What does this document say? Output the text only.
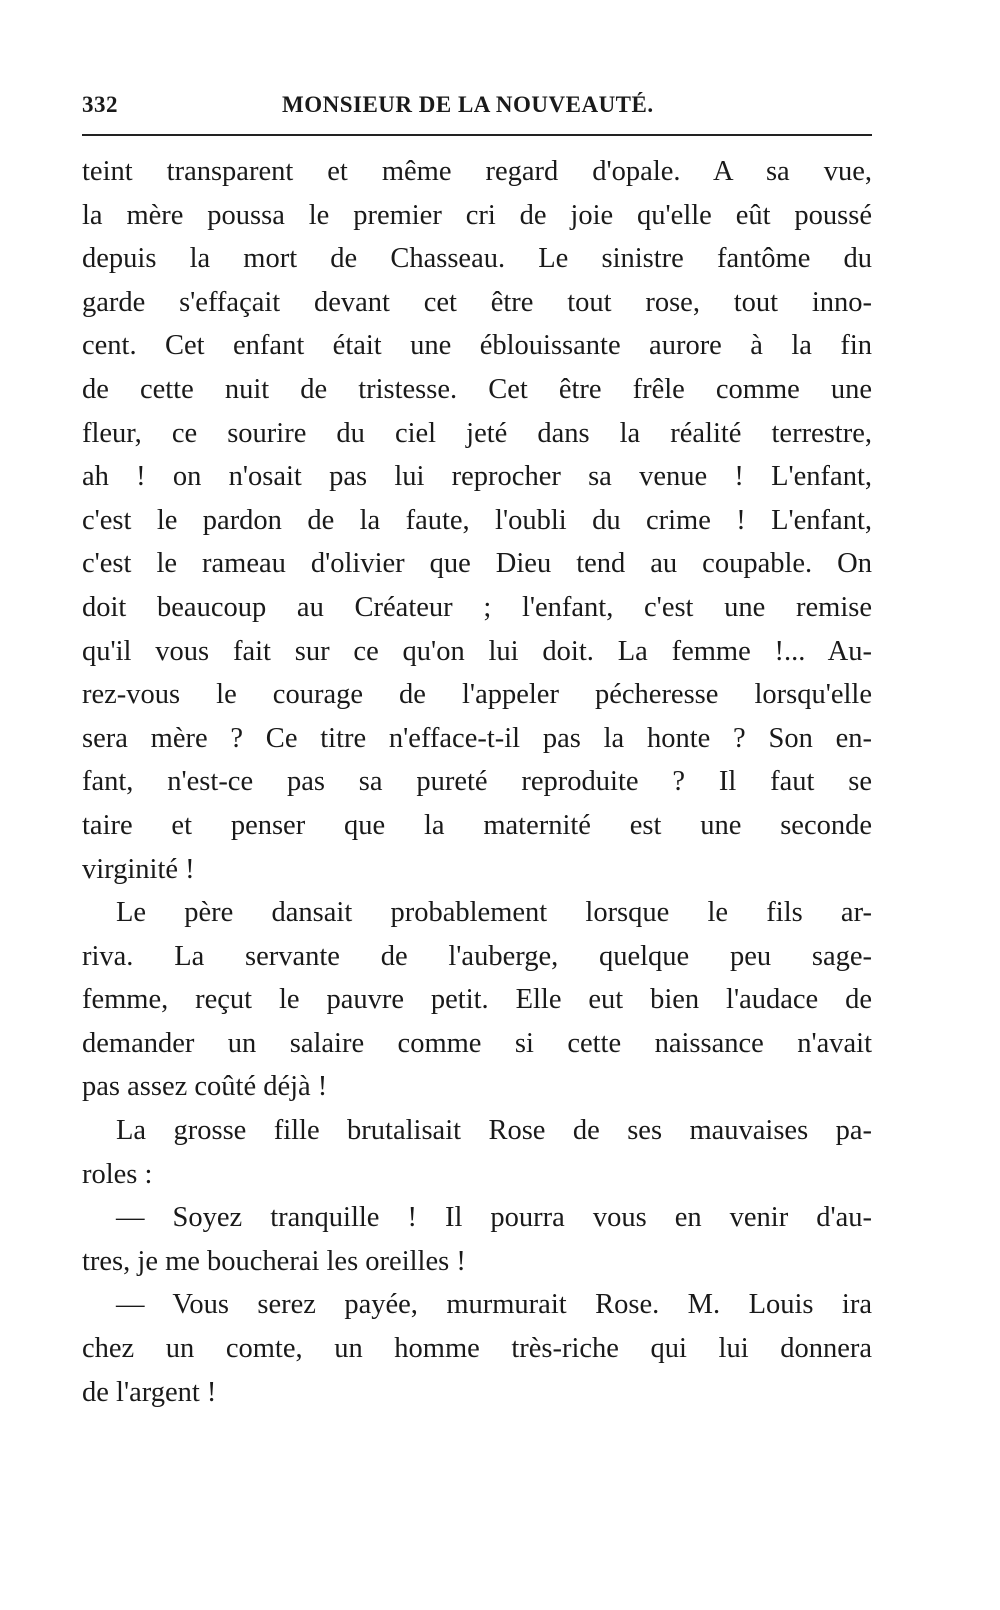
332	MONSIEUR DE LA NOUVEAUTÉ.

teint transparent et même regard d'opale. A sa vue,
la mère poussa le premier cri de joie qu'elle eût poussé
depuis la mort de Chasseau. Le sinistre fantôme du
garde s'effaçait devant cet être tout rose, tout inno-
cent. Cet enfant était une éblouissante aurore à la fin
de cette nuit de tristesse. Cet être frêle comme une
fleur, ce sourire du ciel jeté dans la réalité terrestre,
ah ! on n'osait pas lui reprocher sa venue ! L'enfant,
c'est le pardon de la faute, l'oubli du crime ! L'enfant,
c'est le rameau d'olivier que Dieu tend au coupable. On
doit beaucoup au Créateur ; l'enfant, c'est une remise
qu'il vous fait sur ce qu'on lui doit. La femme !... Au-
rez-vous le courage de l'appeler pécheresse lorsqu'elle
sera mère ? Ce titre n'efface-t-il pas la honte ? Son en-
fant, n'est-ce pas sa pureté reproduite ? Il faut se
taire et penser que la maternité est une seconde
virginité !

Le père dansait probablement lorsque le fils ar-
riva. La servante de l'auberge, quelque peu sage-
femme, reçut le pauvre petit. Elle eut bien l'audace de
demander un salaire comme si cette naissance n'avait
pas assez coûté déjà !

La grosse fille brutalisait Rose de ses mauvaises pa-
roles :

— Soyez tranquille ! Il pourra vous en venir d'au-
tres, je me boucherai les oreilles !

— Vous serez payée, murmurait Rose. M. Louis ira
chez un comte, un homme très-riche qui lui donnera
de l'argent !
